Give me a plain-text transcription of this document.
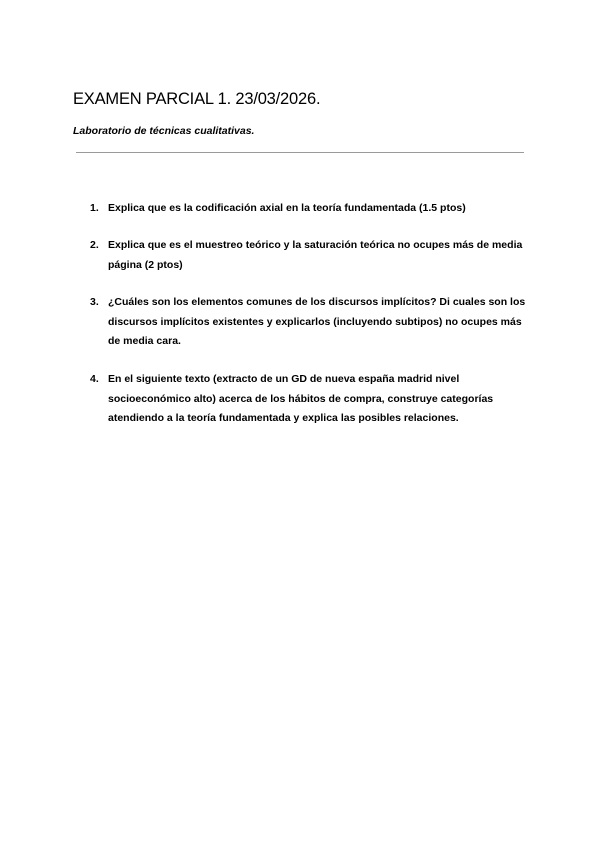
EXAMEN PARCIAL 1. 23/03/2026.
Laboratorio de técnicas cualitativas.
1. Explica que es la codificación axial en la teoría fundamentada (1.5 ptos)
2. Explica que es el muestreo teórico y la saturación teórica no ocupes más de media página (2 ptos)
3. ¿Cuáles son los elementos comunes de los discursos implícitos? Di cuales son los discursos implícitos existentes y explicarlos (incluyendo subtipos) no ocupes más de media cara.
4. En el siguiente texto (extracto de un GD de nueva españa madrid nivel socioeconómico alto) acerca de los hábitos de compra, construye categorías atendiendo a la teoría fundamentada y explica las posibles relaciones.
